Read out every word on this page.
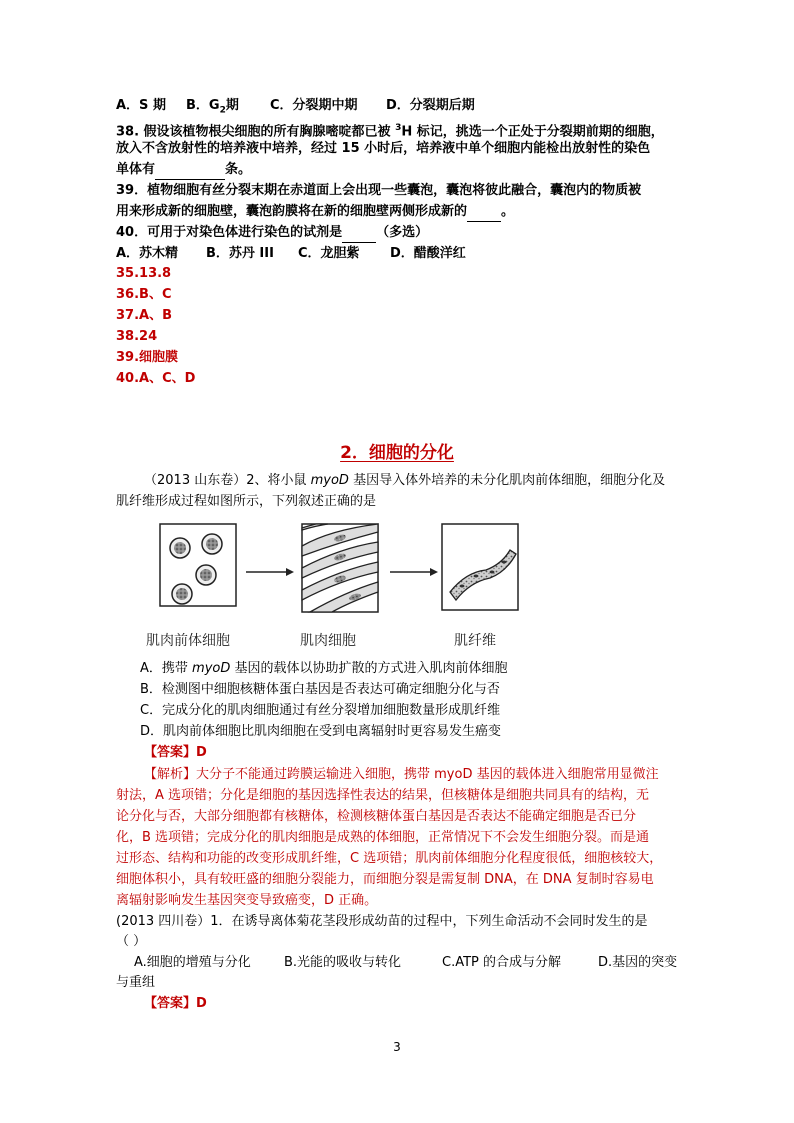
A．S 期 B．$G_2$期 C．分裂期中期 D．分裂期后期
38. 假设该植物根尖细胞的所有胸腺嘧啶都已被 $^3$H 标记，挑选一个正处于分裂期前期的细胞，
放入不含放射性的培养液中培养，经过 15 小时后，培养液中单个细胞内能检出放射性的染色
单体有	条。
39．植物细胞有丝分裂末期在赤道面上会出现一些囊泡，囊泡将彼此融合，囊泡内的物质被
用来形成新的细胞壁，囊泡韵膜将在新的细胞壁两侧形成新的	。
40．可用于对染色体进行染色的试剂是	（多选）
A．苏木精 B．苏丹 III C．龙胆紫 D．醋酸洋红
35.13.8
36.B、C
37.A、B
38.24
39.细胞膜
40.A、C、D
2．细胞的分化
（2013 山东卷）2、将小鼠 myoD 基因导入体外培养的未分化肌肉前体细胞，细胞分化及
肌纤维形成过程如图所示，下列叙述正确的是
肌肉前体细胞	肌肉细胞	肌纤维
A．携带 myoD 基因的载体以协助扩散的方式进入肌肉前体细胞
B．检测图中细胞核糖体蛋白基因是否表达可确定细胞分化与否
C．完成分化的肌肉细胞通过有丝分裂增加细胞数量形成肌纤维
D．肌肉前体细胞比肌肉细胞在受到电离辐射时更容易发生癌变
【答案】D
【解析】大分子不能通过跨膜运输进入细胞，携带 myoD 基因的载体进入细胞常用显微注
射法，A 选项错；分化是细胞的基因选择性表达的结果，但核糖体是细胞共同具有的结构，无
论分化与否，大部分细胞都有核糖体，检测核糖体蛋白基因是否表达不能确定细胞是否已分
化，B 选项错；完成分化的肌肉细胞是成熟的体细胞，正常情况下不会发生细胞分裂。而是通
过形态、结构和功能的改变形成肌纤维，C 选项错；肌肉前体细胞分化程度很低，细胞核较大，
细胞体积小，具有较旺盛的细胞分裂能力，而细胞分裂是需复制 DNA，在 DNA 复制时容易电
离辐射影响发生基因突变导致癌变，D 正确。
(2013 四川卷）1．在诱导离体菊花茎段形成幼苗的过程中，下列生命活动不会同时发生的是
（ ）
A.细胞的增殖与分化	B.光能的吸收与转化	C.ATP 的合成与分解	D.基因的突变
与重组
【答案】D
3
